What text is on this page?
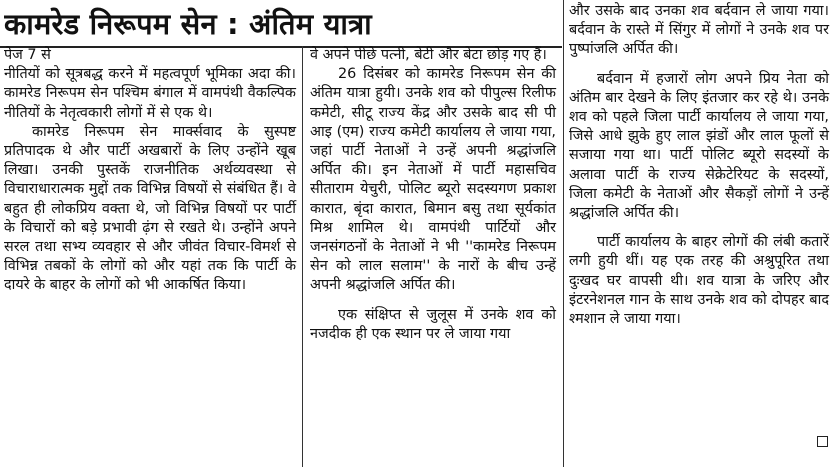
कामरेड निरूपम सेन : अंतिम यात्रा

पेज 7 से

नीतियों को सूत्रबद्ध करने में महत्वपूर्ण भूमिका अदा की। कामरेड निरूपम सेन पश्चिम बंगाल में वामपंथी वैकल्पिक नीतियों के नेतृत्वकारी लोगों में से एक थे।

कामरेड निरूपम सेन मार्क्सवाद के सुस्पष्ट प्रतिपादक थे और पार्टी अखबारों के लिए उन्होंने खूब लिखा। उनकी पुस्तकें राजनीतिक अर्थव्यवस्था से विचाराधारात्मक मुद्दों तक विभिन्न विषयों से संबंधित हैं। वे बहुत ही लोकप्रिय वक्ता थे, जो विभिन्न विषयों पर पार्टी के विचारों को बड़े प्रभावी ढ़ंग से रखते थे। उन्होंने अपने सरल तथा सभ्य व्यवहार से और जीवंत विचार-विमर्श से विभिन्न तबकों के लोगों को और यहां तक कि पार्टी के दायरे के बाहर के लोगों को भी आकर्षित किया।

वे अपने पीछे पत्नी, बेटी और बेटा छोड़ गए हैं।

26 दिसंबर को कामरेड निरूपम सेन की अंतिम यात्रा हुयी। उनके शव को पीपुल्स रिलीफ कमेटी, सीटू राज्य केंद्र और उसके बाद सी पी आइ (एम) राज्य कमेटी कार्यालय ले जाया गया, जहां पार्टी नेताओं ने उन्हें अपनी श्रद्धांजलि अर्पित की। इन नेताओं में पार्टी महासचिव सीताराम येचुरी, पोलिट ब्यूरो सदस्यगण प्रकाश कारात, बृंदा कारात, बिमान बसु तथा सूर्यकांत मिश्र शामिल थे। वामपंथी पार्टियों और जनसंगठनों के नेताओं ने भी ''कामरेड निरूपम सेन को लाल सलाम'' के नारों के बीच उन्हें अपनी श्रद्धांजलि अर्पित की।

एक संक्षिप्त से जुलूस में उनके शव को नजदीक ही एक स्थान पर ले जाया गया

और उसके बाद उनका शव बर्दवान ले जाया गया। बर्दवान के रास्ते में सिंगुर में लोगों ने उनके शव पर पुष्पांजलि अर्पित की।

बर्दवान में हजारों लोग अपने प्रिय नेता को अंतिम बार देखने के लिए इंतजार कर रहे थे। उनके शव को पहले जिला पार्टी कार्यालय ले जाया गया, जिसे आधे झुके हुए लाल झंडों और लाल फूलों से सजाया गया था। पार्टी पोलिट ब्यूरो सदस्यों के अलावा पार्टी के राज्य सेक्रेटेरियट के सदस्यों, जिला कमेटी के नेताओं और सैकड़ों लोगों ने उन्हें श्रद्धांजलि अर्पित की।

पार्टी कार्यालय के बाहर लोगों की लंबी कतारें लगी हुयी थीं। यह एक तरह की अश्रुपूरित तथा दुःखद घर वापसी थी। शव यात्रा के जरिए और इंटरनेशनल गान के साथ उनके शव को दोपहर बाद श्मशान ले जाया गया।
